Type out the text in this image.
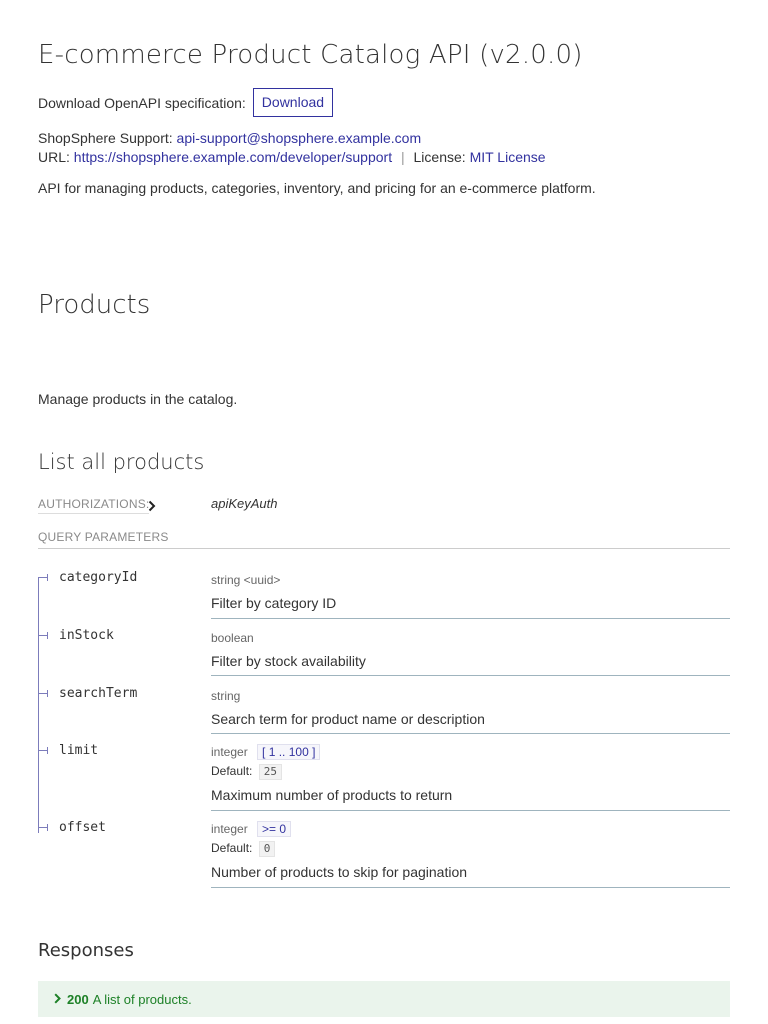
E-commerce Product Catalog API (v2.0.0)
Download OpenAPI specification:	Download
ShopSphere Support: api-support@shopsphere.example.com
URL: https://shopsphere.example.com/developer/support | License: MIT License
API for managing products, categories, inventory, and pricing for an e-commerce platform.
Products
Manage products in the catalog.
List all products
AUTHORIZATIONS:	apiKeyAuth
QUERY PARAMETERS
categoryId	string <uuid>
Filter by category ID
inStock	boolean
Filter by stock availability
searchTerm	string
Search term for product name or description
limit	integer [ 1 .. 100 ]
Default: 25
Maximum number of products to return
offset	integer >= 0
Default: 0
Number of products to skip for pagination
Responses
200 A list of products.
